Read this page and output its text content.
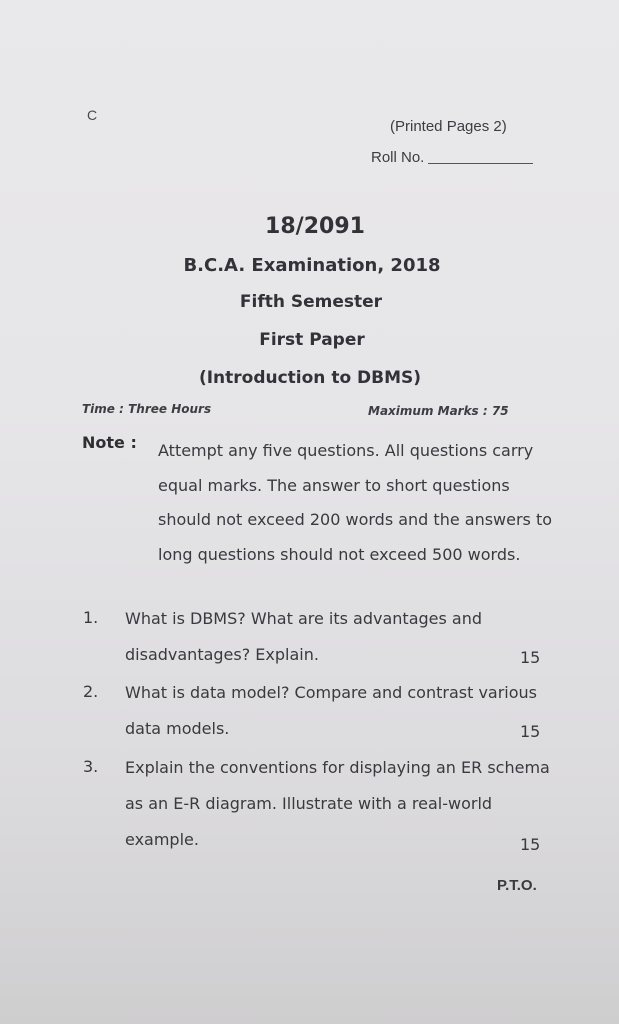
C
(Printed Pages 2)
Roll No.
18/2091
B.C.A. Examination, 2018
Fifth Semester
First Paper
(Introduction to DBMS)
Time : Three Hours	Maximum Marks : 75
Note : Attempt any five questions. All questions carry equal marks. The answer to short questions should not exceed 200 words and the answers to long questions should not exceed 500 words.
1. What is DBMS? What are its advantages and disadvantages? Explain.	15
2. What is data model? Compare and contrast various data models.	15
3. Explain the conventions for displaying an ER schema as an E-R diagram. Illustrate with a real-world example.	15
P.T.O.
